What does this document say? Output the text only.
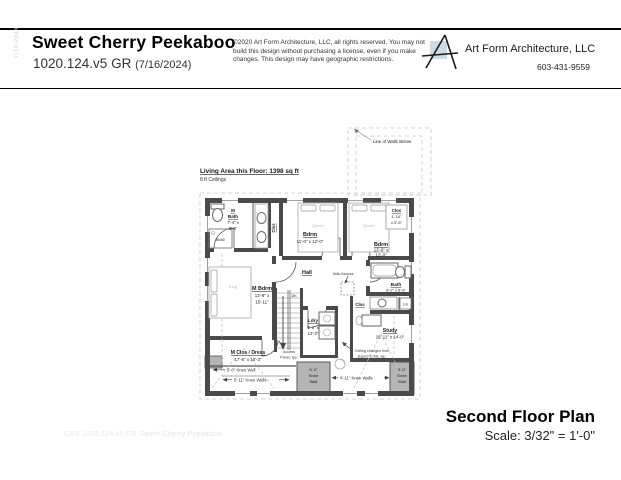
7/16/2024 Sweet Cherry Peekaboo
1020.124.v5 GR (7/16/2024)
©2020 Art Form Architecture, LLC, all rights reserved. You may not
build this design without purchasing a license, even if you make
changes. This design may have geographic restrictions.
Art Form Architecture, LLC
603-431-9559
Line of Walls Below
Living Area this Floor: 1398 sq ft
8 ft Ceilings
Dn
Queen	Queen
King
M
Bath
7'-4" x
8'-6"
45x60
Clos
Bdrm
11'-0" x 12'-0"
Bdrm
13'-6" x
12'-0"
Clos
1'-10"
x 5'-6"
Bath
8'-2" x 8'-9"
Clos	Lin
Study
15'-11" x 14'-0"
Hall	Attic Access
M Bdrm
13'-9" x
15'-11"
Ldry
6'-1" x
13'-3"
M Clos / Dress
17'-6" x 10'-3"
Access
Panel, typ.
Ceiling changes from
sloped to flat, typ.
5'-0" Knee Wall
5'-11" Knee Walls	4'-11" Knee Walls
5'-0"
Knee
Wall
5'-0"
Knee
Wall
CRS 1020.124.v5 GR Sweet Cherry Peekaboo
Second Floor Plan
Scale: 3/32" = 1'-0"
